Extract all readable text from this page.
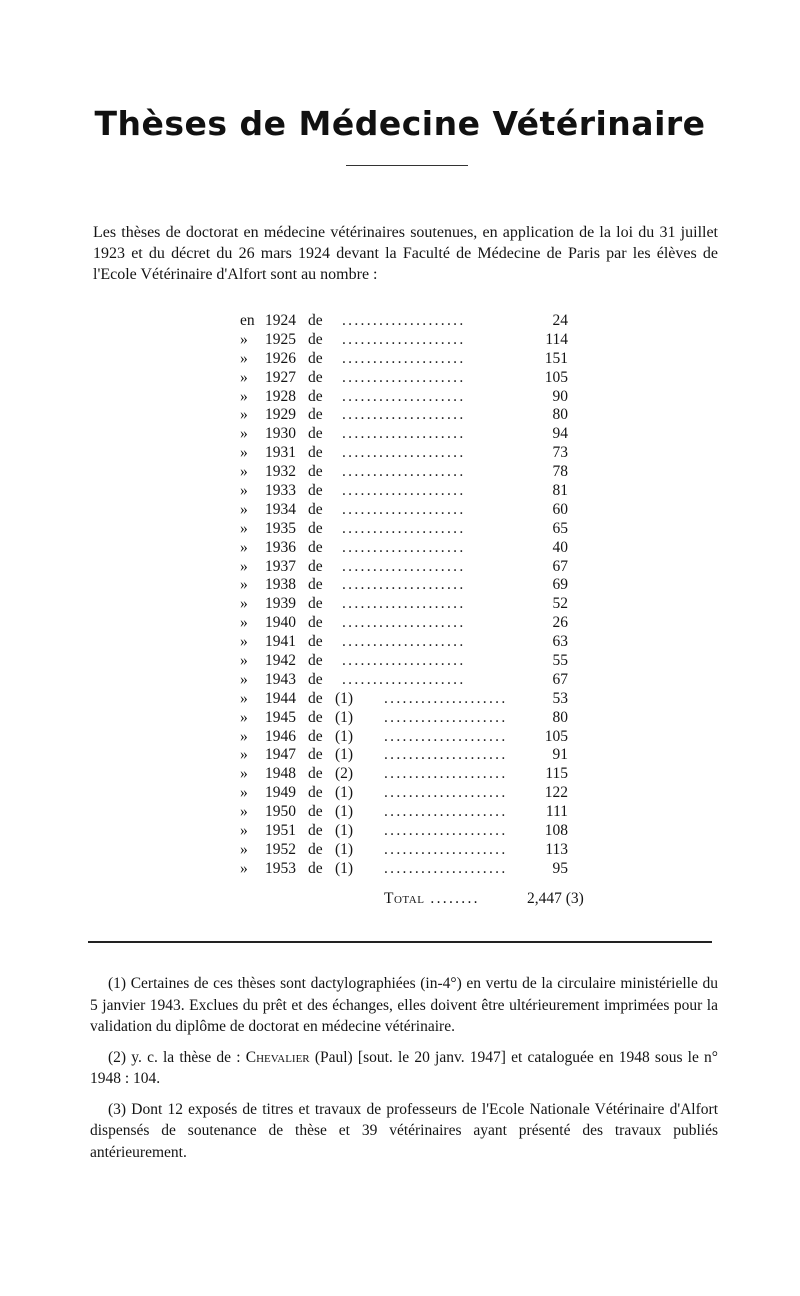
Thèses de Médecine Vétérinaire
Les thèses de doctorat en médecine vétérinaires soutenues, en application de la loi du 31 juillet 1923 et du décret du 26 mars 1924 devant la Faculté de Médecine de Paris par les élèves de l'Ecole Vétérinaire d'Alfort sont au nombre :
en 1924 de ....................	24
»	1925 de ....................	114
»	1926 de ....................	151
»	1927 de ....................	105
»	1928 de ....................	90
»	1929 de ....................	80
»	1930 de ....................	94
»	1931 de ....................	73
»	1932 de ....................	78
»	1933 de ....................	81
»	1934 de ....................	60
»	1935 de ....................	65
»	1936 de ....................	40
»	1937 de ....................	67
»	1938 de ....................	69
»	1939 de ....................	52
»	1940 de ....................	26
»	1941 de ....................	63
»	1942 de ....................	55
»	1943 de ....................	67
»	1944 de (1) ....................	53
»	1945 de (1) ....................	80
»	1946 de (1) ....................	105
»	1947 de (1) ....................	91
»	1948 de (2) ....................	115
»	1949 de (1) ....................	122
»	1950 de (1) ....................	111
»	1951 de (1) ....................	108
»	1952 de (1) ....................	113
»	1953 de (1) ....................	95
Total ........	2,447 (3)

(1) Certaines de ces thèses sont dactylographiées (in-4°) en vertu de la circulaire ministérielle du 5 janvier 1943. Exclues du prêt et des échanges, elles doivent être ultérieurement imprimées pour la validation du diplôme de doctorat en médecine vétérinaire.

(2) y. c. la thèse de : Chevalier (Paul) [sout. le 20 janv. 1947] et cataloguée en 1948 sous le n° 1948 : 104.

(3) Dont 12 exposés de titres et travaux de professeurs de l'Ecole Nationale Vétérinaire d'Alfort dispensés de soutenance de thèse et 39 vétérinaires ayant présenté des travaux publiés antérieurement.
